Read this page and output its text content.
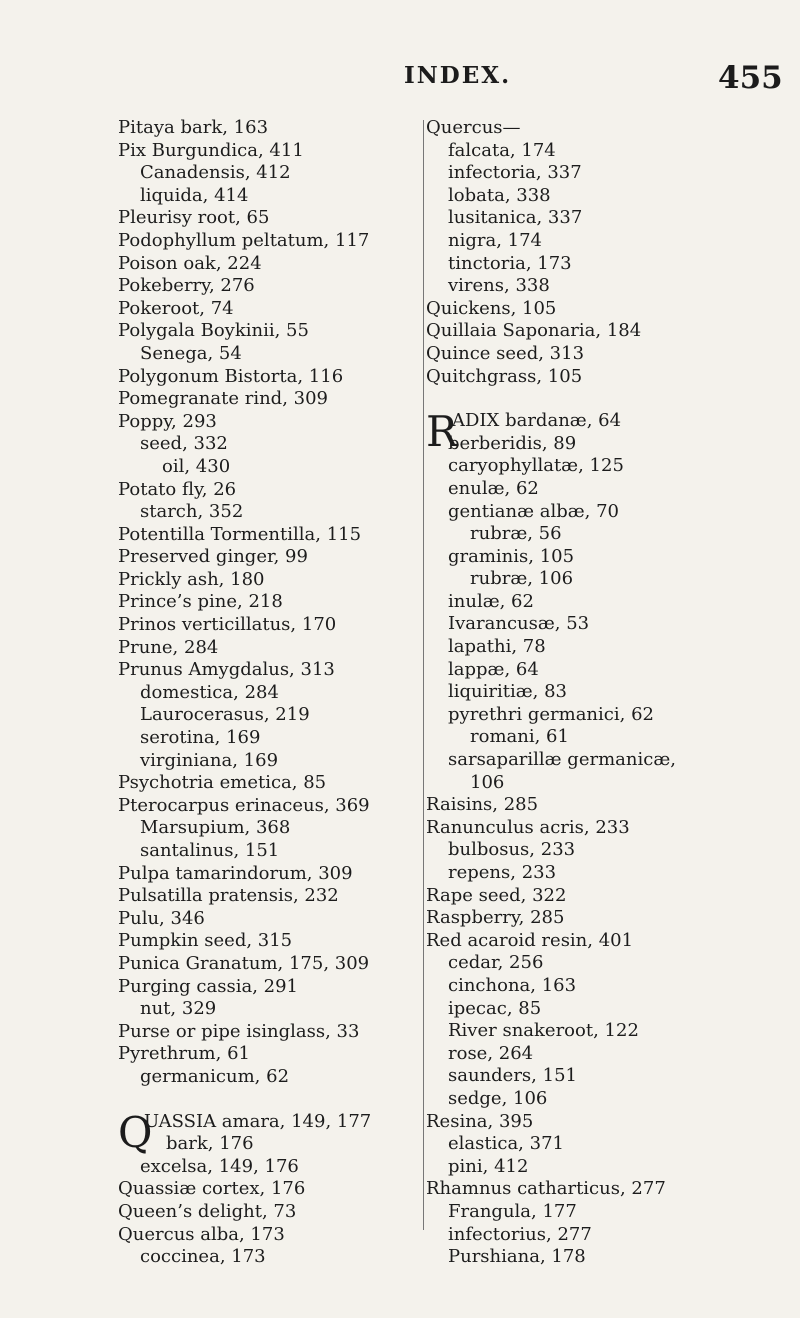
INDEX.	455
Pitaya bark, 163
Pix Burgundica, 411
Canadensis, 412
liquida, 414
Pleurisy root, 65
Podophyllum peltatum, 117
Poison oak, 224
Pokeberry, 276
Pokeroot, 74
Polygala Boykinii, 55
Senega, 54
Polygonum Bistorta, 116
Pomegranate rind, 309
Poppy, 293
seed, 332
oil, 430
Potato fly, 26
starch, 352
Potentilla Tormentilla, 115
Preserved ginger, 99
Prickly ash, 180
Prince’s pine, 218
Prinos verticillatus, 170
Prune, 284
Prunus Amygdalus, 313
domestica, 284
Laurocerasus, 219
serotina, 169
virginiana, 169
Psychotria emetica, 85
Pterocarpus erinaceus, 369
Marsupium, 368
santalinus, 151
Pulpa tamarindorum, 309
Pulsatilla pratensis, 232
Pulu, 346
Pumpkin seed, 315
Punica Granatum, 175, 309
Purging cassia, 291
nut, 329
Purse or pipe isinglass, 33
Pyrethrum, 61
germanicum, 62
Q
UASSIA amara, 149, 177
bark, 176
excelsa, 149, 176
Quassiæ cortex, 176
Queen’s delight, 73
Quercus alba, 173
coccinea, 173
Quercus—
falcata, 174
infectoria, 337
lobata, 338
lusitanica, 337
nigra, 174
tinctoria, 173
virens, 338
Quickens, 105
Quillaia Saponaria, 184
Quince seed, 313
Quitchgrass, 105
R
ADIX bardanæ, 64
berberidis, 89
caryophyllatæ, 125
enulæ, 62
gentianæ albæ, 70
rubræ, 56
graminis, 105
rubræ, 106
inulæ, 62
Ivarancusæ, 53
lapathi, 78
lappæ, 64
liquiritiæ, 83
pyrethri germanici, 62
romani, 61
sarsaparillæ germanicæ,
106
Raisins, 285
Ranunculus acris, 233
bulbosus, 233
repens, 233
Rape seed, 322
Raspberry, 285
Red acaroid resin, 401
cedar, 256
cinchona, 163
ipecac, 85
River snakeroot, 122
rose, 264
saunders, 151
sedge, 106
Resina, 395
elastica, 371
pini, 412
Rhamnus catharticus, 277
Frangula, 177
infectorius, 277
Purshiana, 178
